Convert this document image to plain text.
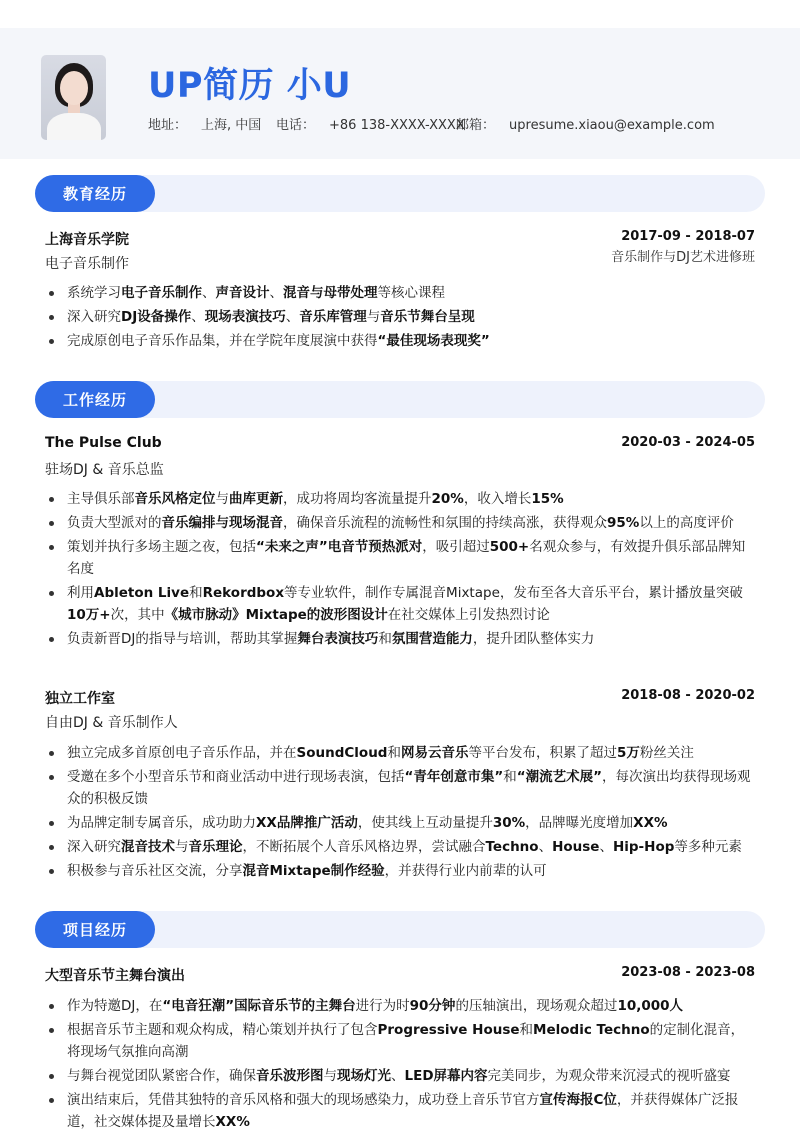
UP简历 小U
地址： 上海, 中国 电话： +86 138-XXXX-XXXX
邮箱： upresume.xiaou@example.com
教育经历
上海音乐学院	2017-09 - 2018-07
电子音乐制作	音乐制作与DJ艺术进修班
系统学习电子音乐制作、声音设计、混音与母带处理等核心课程
深入研究DJ设备操作、现场表演技巧、音乐库管理与音乐节舞台呈现
完成原创电子音乐作品集，并在学院年度展演中获得“最佳现场表现奖”
工作经历
The Pulse Club	2020-03 - 2024-05
驻场DJ & 音乐总监
主导俱乐部音乐风格定位与曲库更新，成功将周均客流量提升20%，收入增长15%
负责大型派对的音乐编排与现场混音，确保音乐流程的流畅性和氛围的持续高涨，获得观众95%以上的高度评价
策划并执行多场主题之夜，包括“未来之声”电音节预热派对，吸引超过500+名观众参与，有效提升俱乐部品牌知名度
利用Ableton Live和Rekordbox等专业软件，制作专属混音Mixtape，发布至各大音乐平台，累计播放量突破10万+次，其中《城市脉动》Mixtape的波形图设计在社交媒体上引发热烈讨论
负责新晋DJ的指导与培训，帮助其掌握舞台表演技巧和氛围营造能力，提升团队整体实力
独立工作室	2018-08 - 2020-02
自由DJ & 音乐制作人
独立完成多首原创电子音乐作品，并在SoundCloud和网易云音乐等平台发布，积累了超过5万粉丝关注
受邀在多个小型音乐节和商业活动中进行现场表演，包括“青年创意市集”和“潮流艺术展”，每次演出均获得现场观众的积极反馈
为品牌定制专属音乐，成功助力XX品牌推广活动，使其线上互动量提升30%，品牌曝光度增加XX%
深入研究混音技术与音乐理论，不断拓展个人音乐风格边界，尝试融合Techno、House、Hip-Hop等多种元素
积极参与音乐社区交流，分享混音Mixtape制作经验，并获得行业内前辈的认可
项目经历
大型音乐节主舞台演出	2023-08 - 2023-08
作为特邀DJ，在“电音狂潮”国际音乐节的主舞台进行为时90分钟的压轴演出，现场观众超过10,000人
根据音乐节主题和观众构成，精心策划并执行了包含Progressive House和Melodic Techno的定制化混音，将现场气氛推向高潮
与舞台视觉团队紧密合作，确保音乐波形图与现场灯光、LED屏幕内容完美同步，为观众带来沉浸式的视听盛宴
演出结束后，凭借其独特的音乐风格和强大的现场感染力，成功登上音乐节官方宣传海报C位，并获得媒体广泛报道，社交媒体提及量增长XX%
